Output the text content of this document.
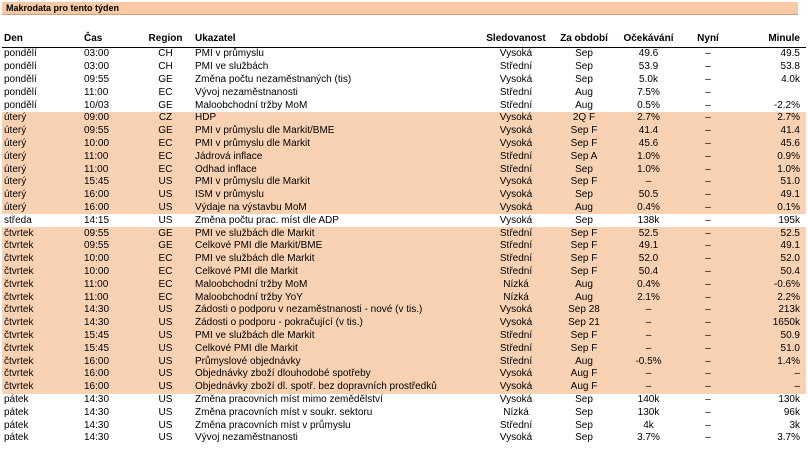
Makrodata pro tento týden
Den	Čas	Region	Ukazatel	Sledovanost	Za období	Očekávání	Nyní	Minule
pondělí	03:00	CH	PMI v průmyslu	Vysoká	Sep	49.6	–	49.5
pondělí	03:00	CH	PMI ve službách	Střední	Sep	53.9	–	53.8
pondělí	09:55	GE	Změna počtu nezaměstnaných (tis)	Vysoká	Sep	5.0k	–	4.0k
pondělí	11:00	EC	Vývoj nezaměstnanosti	Střední	Aug	7.5%	–	
pondělí	10/03	GE	Maloobchodní tržby MoM	Střední	Aug	0.5%	–	-2.2%
úterý	09:00	CZ	HDP	Vysoká	2Q F	2.7%	–	2.7%
úterý	09:55	GE	PMI v průmyslu dle Markit/BME	Vysoká	Sep F	41.4	–	41.4
úterý	10:00	EC	PMI v průmyslu dle Markit	Vysoká	Sep F	45.6	–	45.6
úterý	11:00	EC	Jádrová inflace	Střední	Sep A	1.0%	–	0.9%
úterý	11:00	EC	Odhad inflace	Střední	Sep	1.0%	–	1.0%
úterý	15:45	US	PMI v průmyslu dle Markit	Vysoká	Sep F	–	–	51.0
úterý	16:00	US	ISM v průmyslu	Vysoká	Sep	50.5	–	49.1
úterý	16:00	US	Výdaje na výstavbu MoM	Vysoká	Aug	0.4%	–	0.1%
středa	14:15	US	Změna počtu prac. míst dle ADP	Vysoká	Sep	138k	–	195k
čtvrtek	09:55	GE	PMI ve službách dle Markit	Střední	Sep F	52.5	–	52.5
čtvrtek	09:55	GE	Celkové PMI dle Markit/BME	Střední	Sep F	49.1	–	49.1
čtvrtek	10:00	EC	PMI ve službách dle Markit	Střední	Sep F	52.0	–	52.0
čtvrtek	10:00	EC	Celkové PMI dle Markit	Střední	Sep F	50.4	–	50.4
čtvrtek	11:00	EC	Maloobchodní tržby MoM	Nízká	Aug	0.4%	–	-0.6%
čtvrtek	11:00	EC	Maloobchodní tržby YoY	Nízká	Aug	2.1%	–	2.2%
čtvrtek	14:30	US	Žádosti o podporu v nezaměstnanosti - nové (v tis.)	Vysoká	Sep 28	–	–	213k
čtvrtek	14:30	US	Žádosti o podporu - pokračující (v tis.)	Vysoká	Sep 21	–	–	1650k
čtvrtek	15:45	US	PMI ve službách dle Markit	Střední	Sep F	–	–	50.9
čtvrtek	15:45	US	Celkové PMI dle Markit	Střední	Sep F	–	–	51.0
čtvrtek	16:00	US	Průmyslové objednávky	Střední	Aug	-0.5%	–	1.4%
čtvrtek	16:00	US	Objednávky zboží dlouhodobé spotřeby	Vysoká	Aug F	–	–	–
čtvrtek	16:00	US	Objednávky zboží dl. spotř. bez dopravních prostředků	Vysoká	Aug F	–	–	–
pátek	14:30	US	Změna pracovních míst mimo zemědělství	Vysoká	Sep	140k	–	130k
pátek	14:30	US	Změna pracovních míst v soukr. sektoru	Nízká	Sep	130k	–	96k
pátek	14:30	US	Změna pracovních míst v průmyslu	Střední	Sep	4k	–	3k
pátek	14:30	US	Vývoj nezaměstnanosti	Vysoká	Sep	3.7%	–	3.7%
